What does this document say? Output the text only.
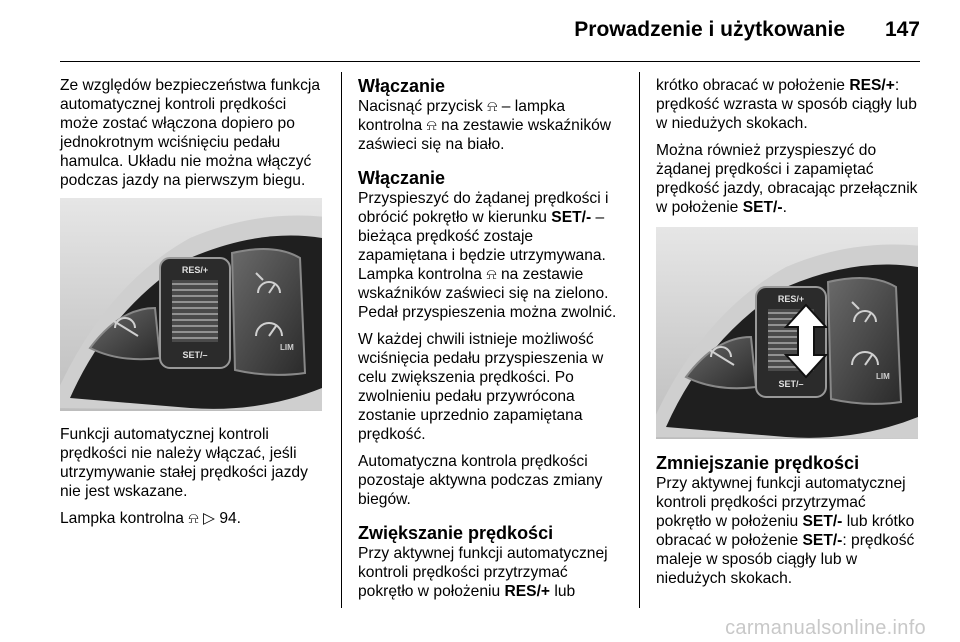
Prowadzenie i użytkowanie 147

Ze względów bezpieczeństwa funkcja automatycznej kontroli prędkości może zostać włączona dopiero po jednokrotnym wciśnięciu pedału hamulca. Układu nie można włączyć podczas jazdy na pierwszym biegu.

RES/+
SET/–
LIM

Funkcji automatycznej kontroli prędkości nie należy włączać, jeśli utrzymywanie stałej prędkości jazdy nie jest wskazane.

Lampka kontrolna ⍾ ▷ 94.

Włączanie

Nacisnąć przycisk ⍾ – lampka kontrolna ⍾ na zestawie wskaźników zaświeci się na biało.

Włączanie

Przyspieszyć do żądanej prędkości i obrócić pokrętło w kierunku SET/- – bieżąca prędkość zostaje zapamiętana i będzie utrzymywana. Lampka kontrolna ⍾ na zestawie wskaźników zaświeci się na zielono. Pedał przyspieszenia można zwolnić.

W każdej chwili istnieje możliwość wciśnięcia pedału przyspieszenia w celu zwiększenia prędkości. Po zwolnieniu pedału przywrócona zostanie uprzednio zapamiętana prędkość.

Automatyczna kontrola prędkości pozostaje aktywna podczas zmiany biegów.

Zwiększanie prędkości

Przy aktywnej funkcji automatycznej kontroli prędkości przytrzymać pokrętło w położeniu RES/+ lub

krótko obracać w położenie RES/+: prędkość wzrasta w sposób ciągły lub w niedużych skokach.

Można również przyspieszyć do żądanej prędkości i zapamiętać prędkość jazdy, obracając przełącznik w położenie SET/-.

RES/+
SET/–
LIM
Zmniejszanie prędkości

Przy aktywnej funkcji automatycznej kontroli prędkości przytrzymać pokrętło w położeniu SET/- lub krótko obracać w położenie SET/-: prędkość maleje w sposób ciągły lub w niedużych skokach.

carmanualsonline.info
